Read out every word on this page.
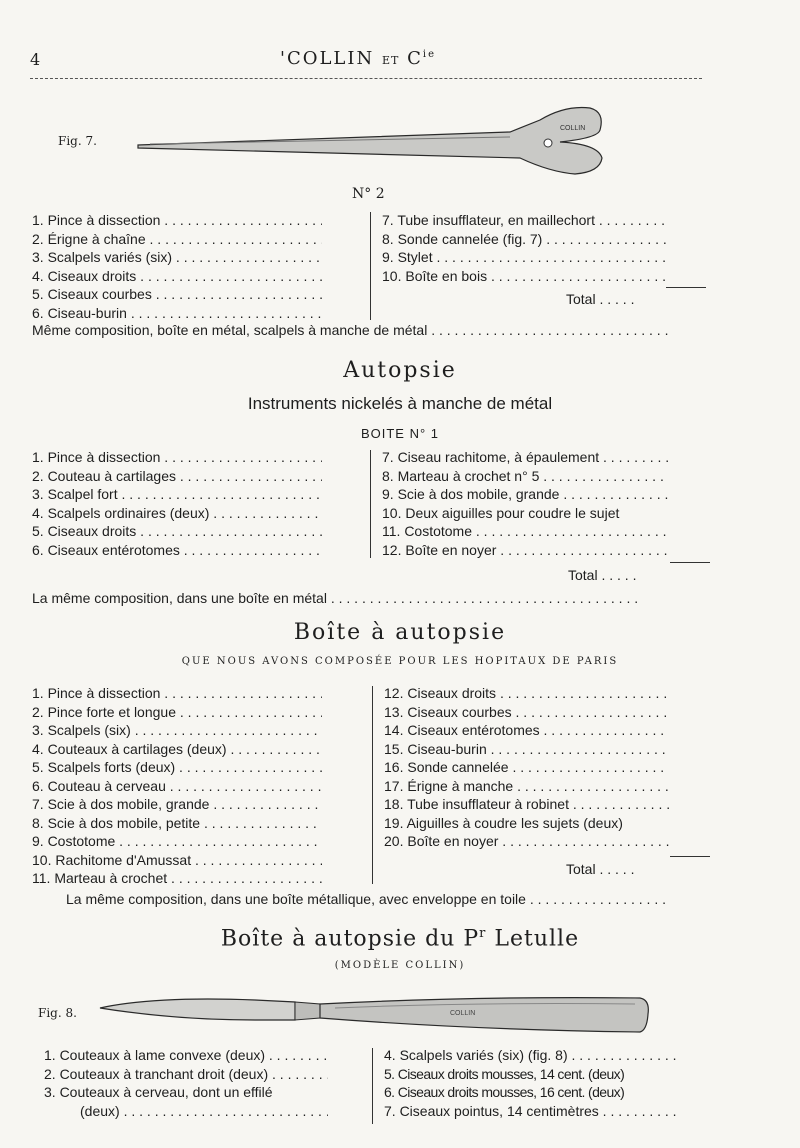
4	'COLLIN ET $C^{ie}$
Fig. 7.
COLLIN
N° 2
1. Pince à dissection . . .
2. Érigne à chaîne . . .
3. Scalpels variés (six) . . .
4. Ciseaux droits . . .
5. Ciseaux courbes . . .
6. Ciseau-burin . . .
7. Tube insufflateur, en maillechort . . .
8. Sonde cannelée (fig. 7) . . .
9. Stylet . . .
10. Boîte en bois . . .
Total . . .
Même composition, boîte en métal, scalpels à manche de métal . . .
Autopsie
Instruments nickelés à manche de métal
BOITE N° 1
1. Pince à dissection . . .
2. Couteau à cartilages . . .
3. Scalpel fort . . .
4. Scalpels ordinaires (deux) . . .
5. Ciseaux droits . . .
6. Ciseaux entérotomes . . .
7. Ciseau rachitome, à épaulement . . .
8. Marteau à crochet n° 5 . . .
9. Scie à dos mobile, grande . . .
10. Deux aiguilles pour coudre le sujet
11. Costotome . . .
12. Boîte en noyer . . .
Total . . .
La même composition, dans une boîte en métal . . .
Boîte à autopsie
QUE NOUS AVONS COMPOSÉE POUR LES HOPITAUX DE PARIS
1. Pince à dissection . . .
2. Pince forte et longue . . .
3. Scalpels (six) . . .
4. Couteaux à cartilages (deux) . . .
5. Scalpels forts (deux) . . .
6. Couteau à cerveau . . .
7. Scie à dos mobile, grande . . .
8. Scie à dos mobile, petite . . .
9. Costotome . . .
10. Rachitome d'Amussat . . .
11. Marteau à crochet . . .
12. Ciseaux droits . . .
13. Ciseaux courbes . . .
14. Ciseaux entérotomes . . .
15. Ciseau-burin . . .
16. Sonde cannelée . . .
17. Érigne à manche . . .
18. Tube insufflateur à robinet . . .
19. Aiguilles à coudre les sujets (deux)
20. Boîte en noyer . . .
Total . . .
La même composition, dans une boîte métallique, avec enveloppe en toile . . .
Boîte à autopsie du $P^r$ Letulle
(MODÈLE COLLIN)
Fig. 8.	COLLIN
1. Couteaux à lame convexe (deux) . . .
2. Couteaux à tranchant droit (deux) . . .
3. Couteaux à cerveau, dont un effilé
(deux) . . .
4. Scalpels variés (six) (fig. 8) . . .
5. Ciseaux droits mousses, 14 cent. (deux)
6. Ciseaux droits mousses, 16 cent. (deux)
7. Ciseaux pointus, 14 centimètres . . .
